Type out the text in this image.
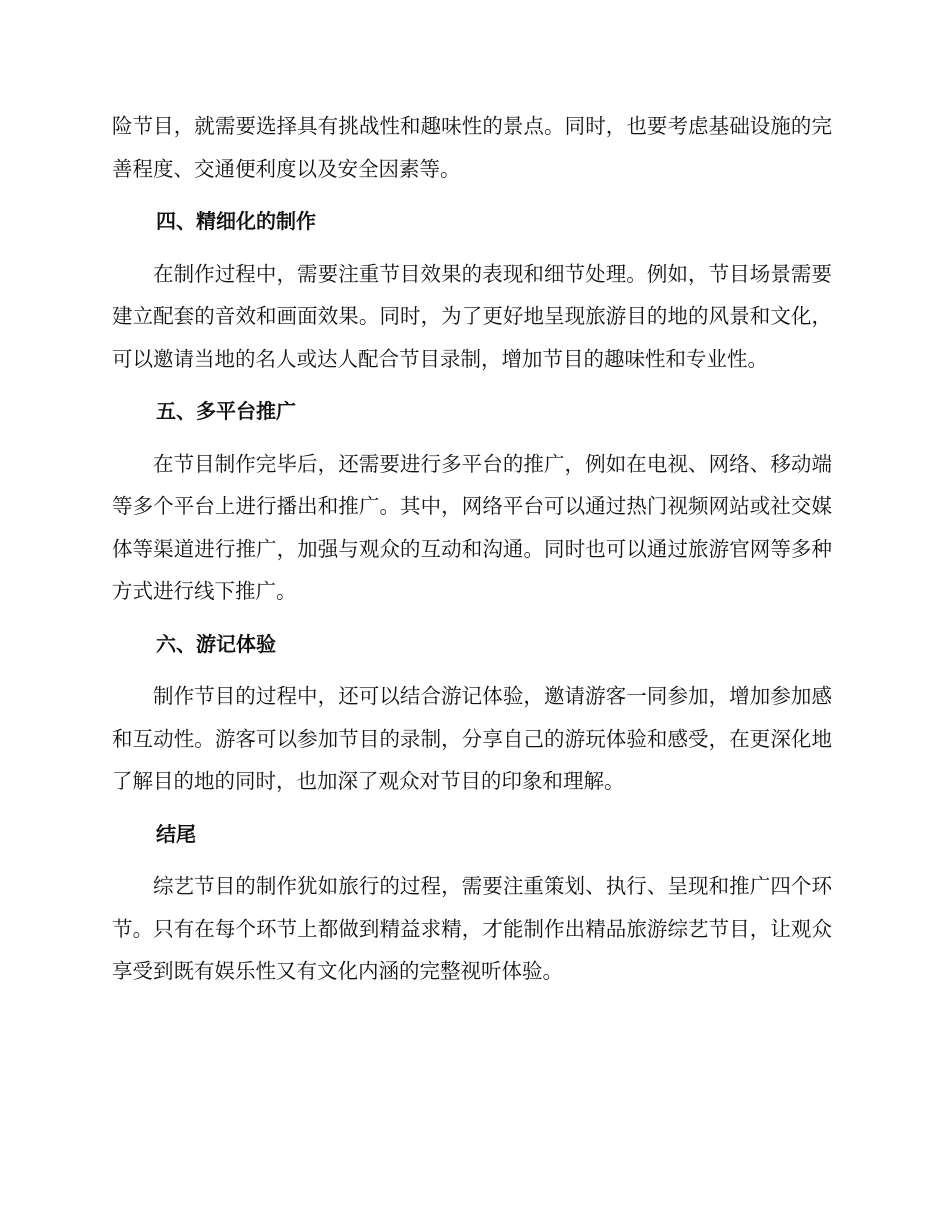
险节目，就需要选择具有挑战性和趣味性的景点。同时，也要考虑基础设施的完善程度、交通便利度以及安全因素等。

四、精细化的制作

在制作过程中，需要注重节目效果的表现和细节处理。例如，节目场景需要建立配套的音效和画面效果。同时，为了更好地呈现旅游目的地的风景和文化，可以邀请当地的名人或达人配合节目录制，增加节目的趣味性和专业性。

五、多平台推广

在节目制作完毕后，还需要进行多平台的推广，例如在电视、网络、移动端等多个平台上进行播出和推广。其中，网络平台可以通过热门视频网站或社交媒体等渠道进行推广，加强与观众的互动和沟通。同时也可以通过旅游官网等多种方式进行线下推广。

六、游记体验

制作节目的过程中，还可以结合游记体验，邀请游客一同参加，增加参加感和互动性。游客可以参加节目的录制，分享自己的游玩体验和感受，在更深化地了解目的地的同时，也加深了观众对节目的印象和理解。

结尾

综艺节目的制作犹如旅行的过程，需要注重策划、执行、呈现和推广四个环节。只有在每个环节上都做到精益求精，才能制作出精品旅游综艺节目，让观众享受到既有娱乐性又有文化内涵的完整视听体验。
